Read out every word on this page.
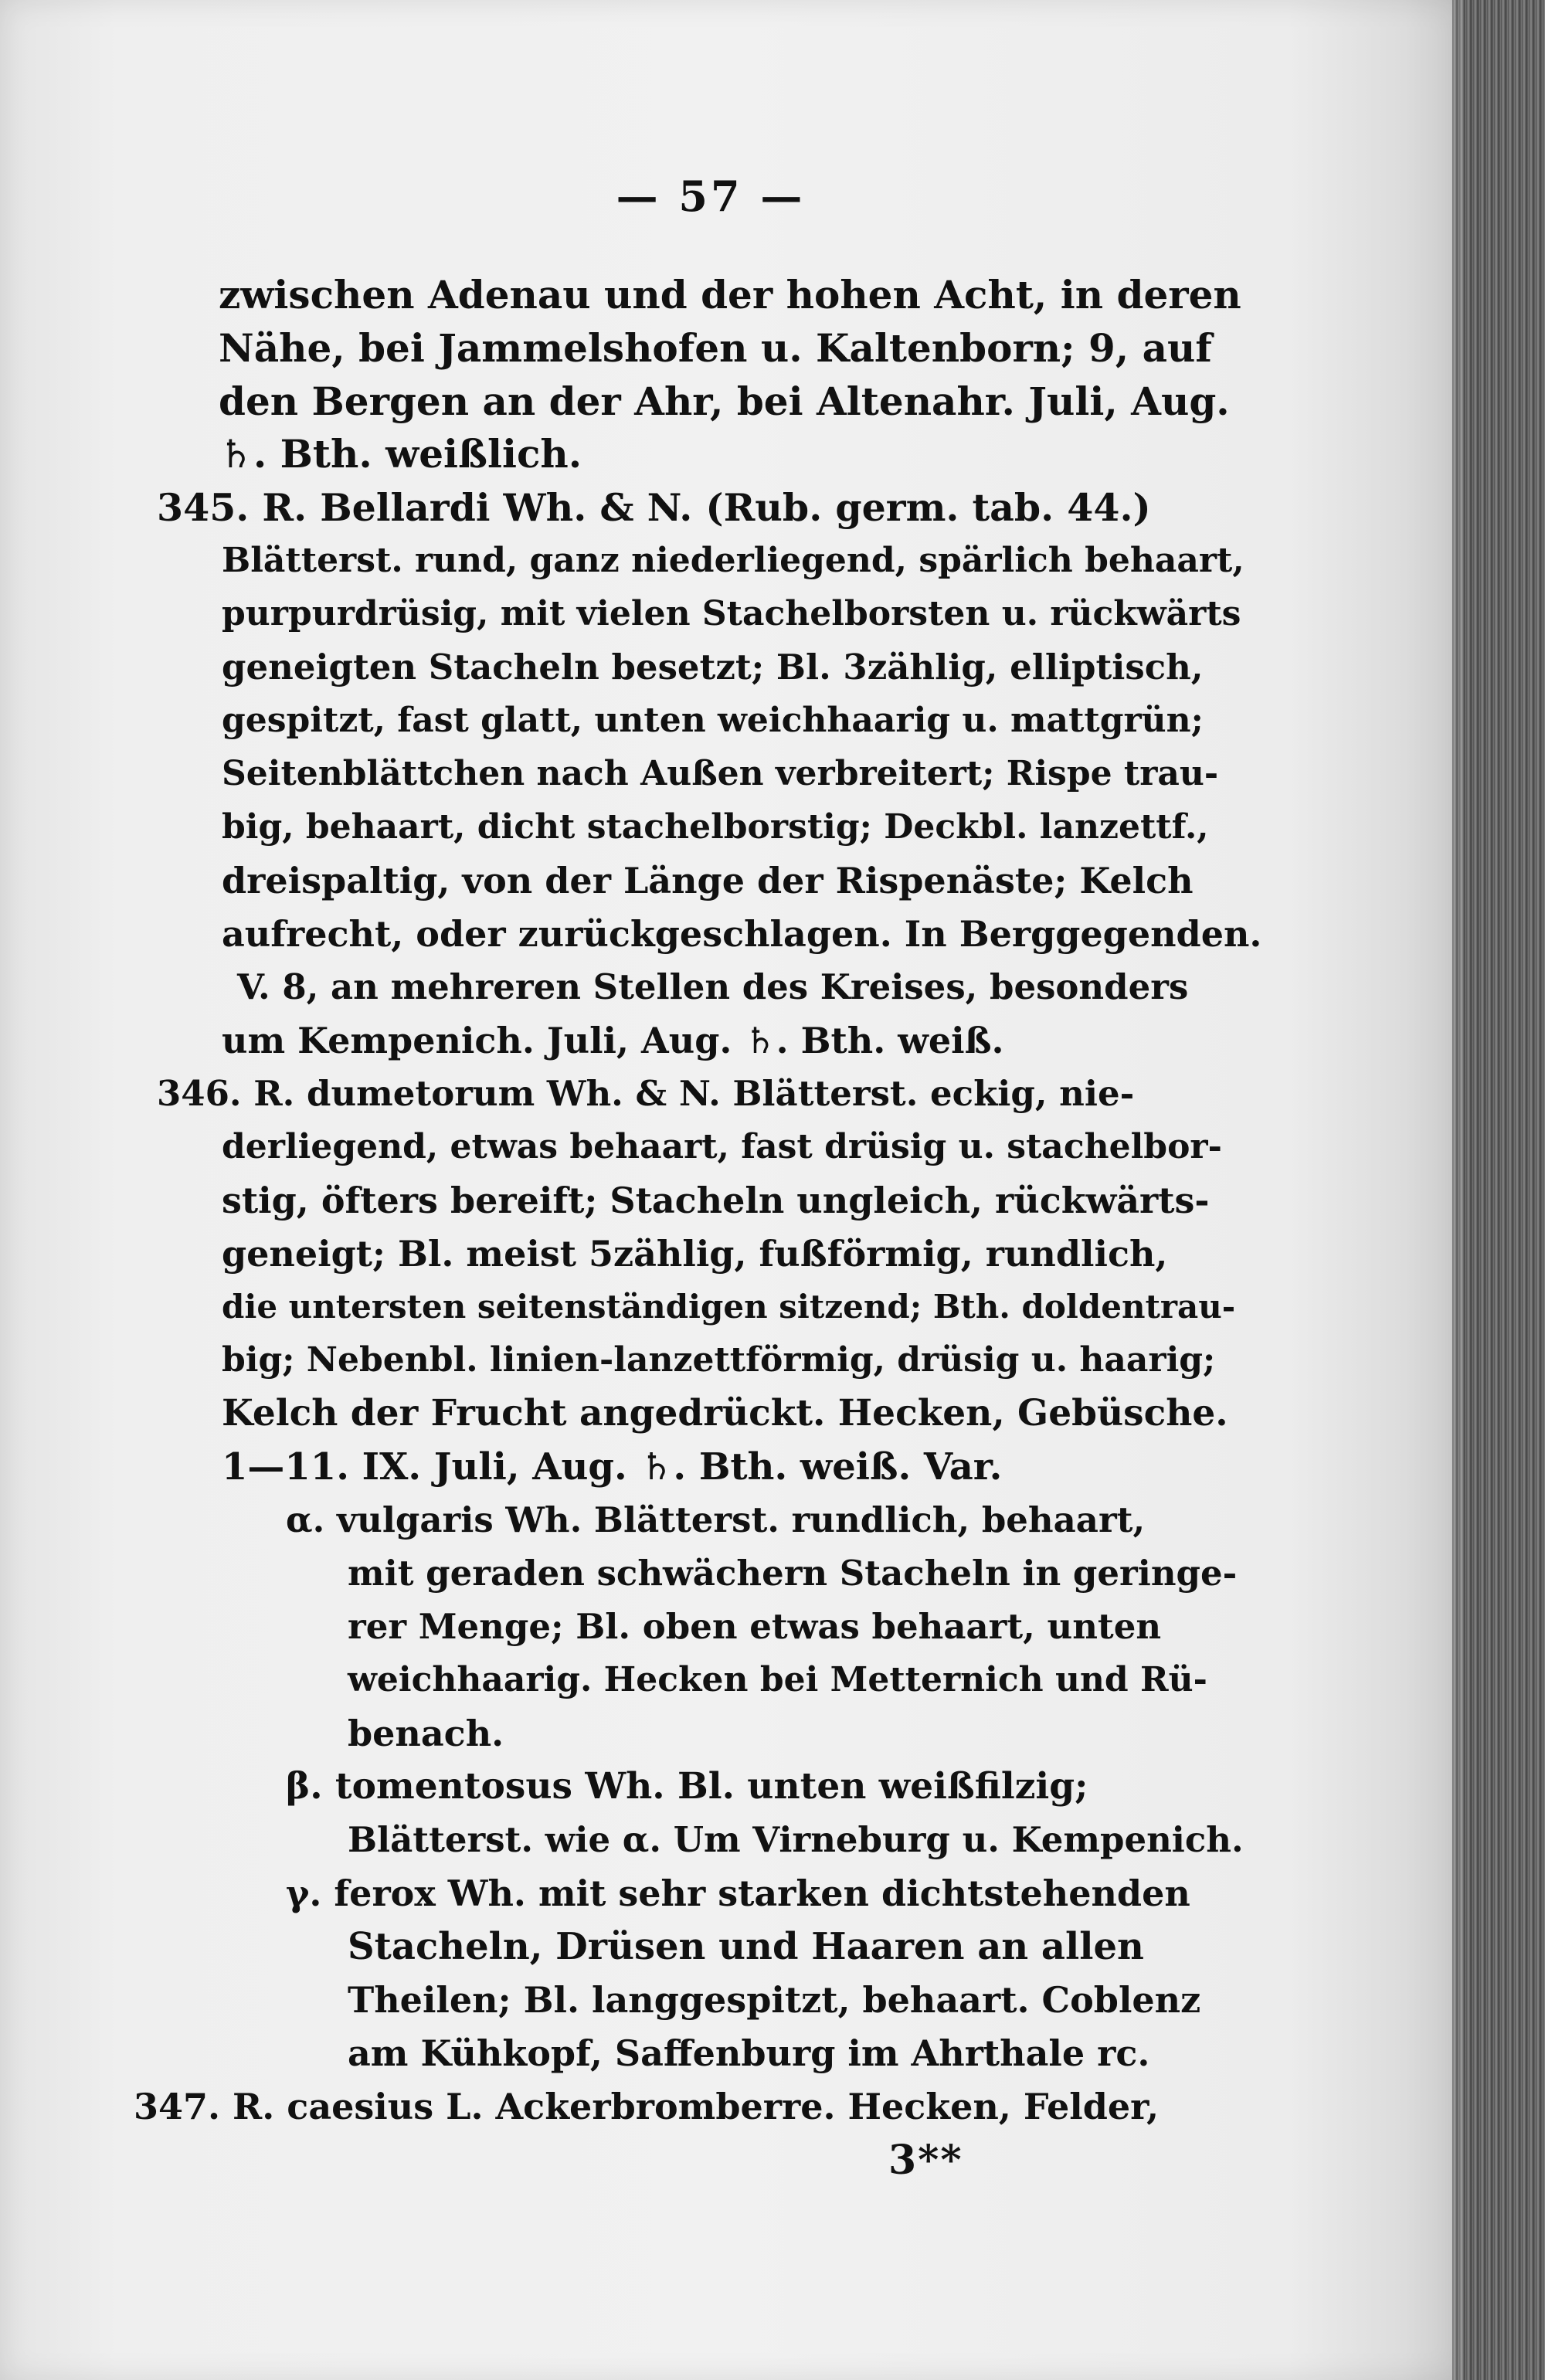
— 57 —
zwischen Adenau und der hohen Acht, in deren
Nähe, bei Jammelshofen u. Kaltenborn; 9, auf
den Bergen an der Ahr, bei Altenahr. Juli, Aug.
♄. Bth. weißlich.
345. R. Bellardi Wh. & N. (Rub. germ. tab. 44.)
Blätterst. rund, ganz niederliegend, spärlich behaart,
purpurdrüsig, mit vielen Stachelborsten u. rückwärts
geneigten Stacheln besetzt; Bl. 3zählig, elliptisch,
gespitzt, fast glatt, unten weichhaarig u. mattgrün;
Seitenblättchen nach Außen verbreitert; Rispe trau-
big, behaart, dicht stachelborstig; Deckbl. lanzettf.,
dreispaltig, von der Länge der Rispenäste; Kelch
aufrecht, oder zurückgeschlagen. In Berggegenden.
V. 8, an mehreren Stellen des Kreises, besonders
um Kempenich. Juli, Aug. ♄. Bth. weiß.
346. R. dumetorum Wh. & N. Blätterst. eckig, nie-
derliegend, etwas behaart, fast drüsig u. stachelbor-
stig, öfters bereift; Stacheln ungleich, rückwärts-
geneigt; Bl. meist 5zählig, fußförmig, rundlich,
die untersten seitenständigen sitzend; Bth. doldentrau-
big; Nebenbl. linien-lanzettförmig, drüsig u. haarig;
Kelch der Frucht angedrückt. Hecken, Gebüsche.
1—11. IX. Juli, Aug. ♄. Bth. weiß. Var.
α. vulgaris Wh. Blätterst. rundlich, behaart,
mit geraden schwächern Stacheln in geringe-
rer Menge; Bl. oben etwas behaart, unten
weichhaarig. Hecken bei Metternich und Rü-
benach.
β. tomentosus Wh. Bl. unten weißfilzig;
Blätterst. wie α. Um Virneburg u. Kempenich.
γ. ferox Wh. mit sehr starken dichtstehenden
Stacheln, Drüsen und Haaren an allen
Theilen; Bl. langgespitzt, behaart. Coblenz
am Kühkopf, Saffenburg im Ahrthale rc.
347. R. caesius L. Ackerbromberre. Hecken, Felder,
3**
